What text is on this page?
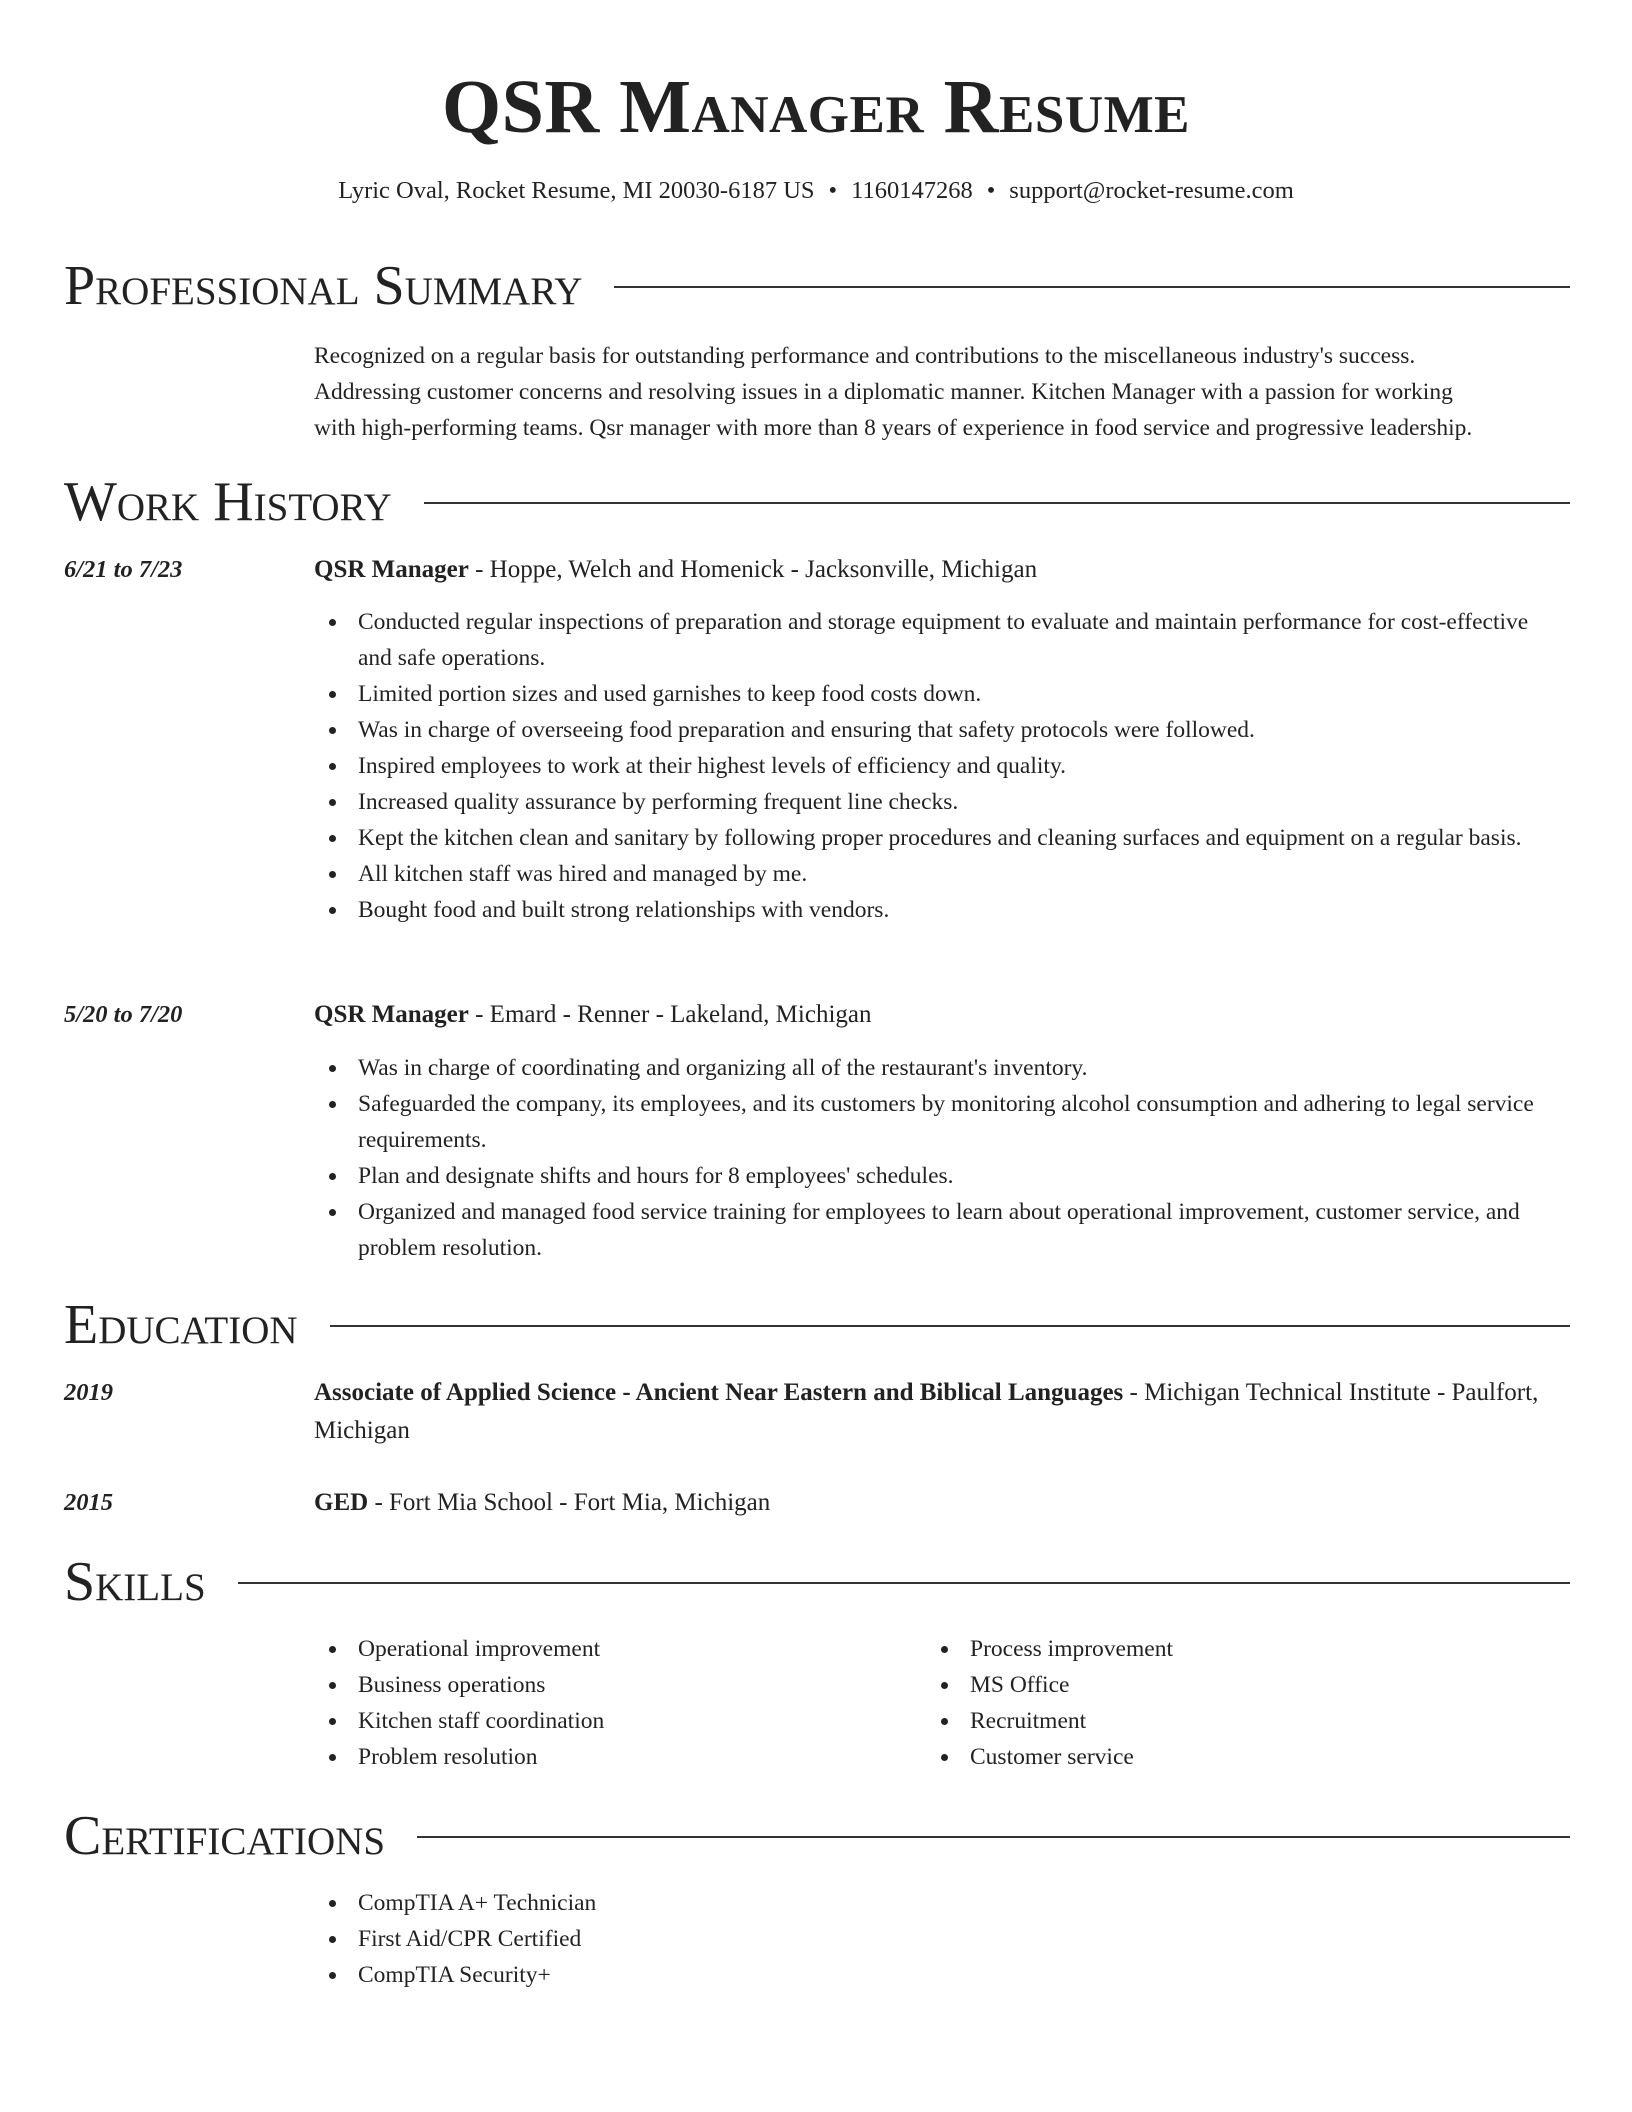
QSR Manager Resume
Lyric Oval, Rocket Resume, MI 20030-6187 US • 1160147268 • support@rocket-resume.com
Professional Summary
Recognized on a regular basis for outstanding performance and contributions to the miscellaneous industry's success.
Addressing customer concerns and resolving issues in a diplomatic manner. Kitchen Manager with a passion for working
with high-performing teams. Qsr manager with more than 8 years of experience in food service and progressive leadership.
Work History
6/21 to 7/23	QSR Manager - Hoppe, Welch and Homenick - Jacksonville, Michigan
Conducted regular inspections of preparation and storage equipment to evaluate and maintain performance for cost-effective and safe operations.
Limited portion sizes and used garnishes to keep food costs down.
Was in charge of overseeing food preparation and ensuring that safety protocols were followed.
Inspired employees to work at their highest levels of efficiency and quality.
Increased quality assurance by performing frequent line checks.
Kept the kitchen clean and sanitary by following proper procedures and cleaning surfaces and equipment on a regular basis.
All kitchen staff was hired and managed by me.
Bought food and built strong relationships with vendors.
5/20 to 7/20	QSR Manager - Emard - Renner - Lakeland, Michigan
Was in charge of coordinating and organizing all of the restaurant's inventory.
Safeguarded the company, its employees, and its customers by monitoring alcohol consumption and adhering to legal service requirements.
Plan and designate shifts and hours for 8 employees' schedules.
Organized and managed food service training for employees to learn about operational improvement, customer service, and problem resolution.
Education
2019	Associate of Applied Science - Ancient Near Eastern and Biblical Languages - Michigan Technical Institute - Paulfort, Michigan
2015	GED - Fort Mia School - Fort Mia, Michigan
Skills
Operational improvement
Business operations
Kitchen staff coordination
Problem resolution
Process improvement
MS Office
Recruitment
Customer service
Certifications
CompTIA A+ Technician
First Aid/CPR Certified
CompTIA Security+
